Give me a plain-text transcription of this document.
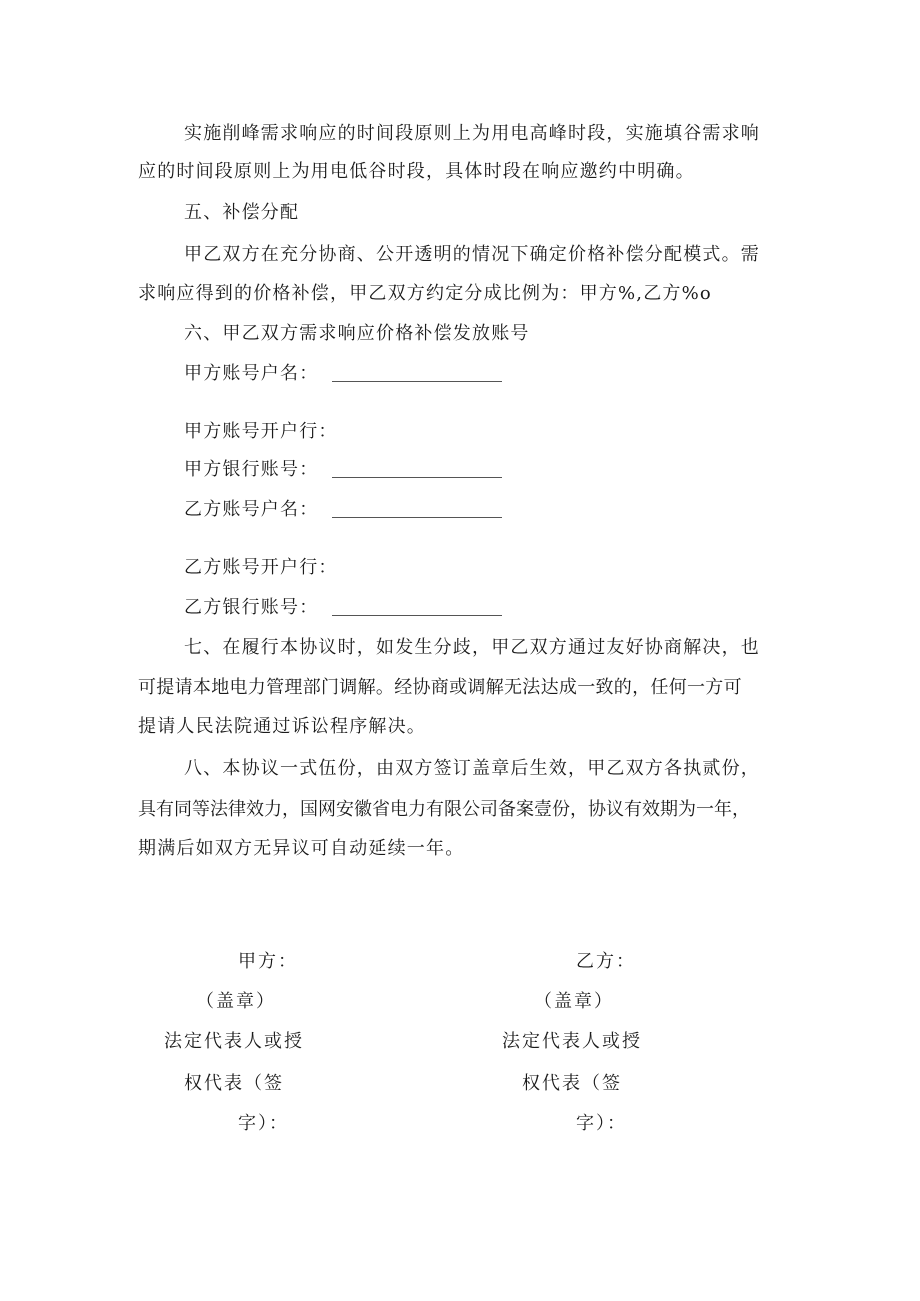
实施削峰需求响应的时间段原则上为用电高峰时段，实施填谷需求响
应的时间段原则上为用电低谷时段，具体时段在响应邀约中明确。
五、补偿分配
甲乙双方在充分协商、公开透明的情况下确定价格补偿分配模式。需
求响应得到的价格补偿，甲乙双方约定分成比例为：甲方%,乙方%o
六、甲乙双方需求响应价格补偿发放账号
甲方账号户名：
甲方账号开户行：
甲方银行账号：
乙方账号户名：
乙方账号开户行：
乙方银行账号：
七、在履行本协议时，如发生分歧，甲乙双方通过友好协商解决，也
可提请本地电力管理部门调解。经协商或调解无法达成一致的，任何一方可
提请人民法院通过诉讼程序解决。
八、本协议一式伍份，由双方签订盖章后生效，甲乙双方各执贰份，
具有同等法律效力，国网安徽省电力有限公司备案壹份，协议有效期为一年，
期满后如双方无异议可自动延续一年。
甲方：
（盖章）
法定代表人或授
权代表（签
字）：
乙方：
（盖章）
法定代表人或授
权代表（签
字）：
